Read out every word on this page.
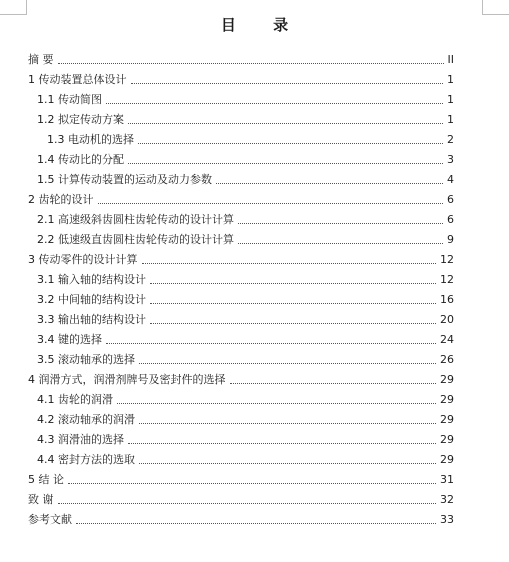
目 录
摘 要	II
1 传动装置总体设计	1
1.1 传动简图	1
1.2 拟定传动方案	1
1.3 电动机的选择	2
1.4 传动比的分配	3
1.5 计算传动装置的运动及动力参数	4
2 齿轮的设计	6
2.1 高速级斜齿圆柱齿轮传动的设计计算	6
2.2 低速级直齿圆柱齿轮传动的设计计算	9
3 传动零件的设计计算	12
3.1 输入轴的结构设计	12
3.2 中间轴的结构设计	16
3.3 输出轴的结构设计	20
3.4 键的选择	24
3.5 滚动轴承的选择	26
4 润滑方式，润滑剂牌号及密封件的选择	29
4.1 齿轮的润滑	29
4.2 滚动轴承的润滑	29
4.3 润滑油的选择	29
4.4 密封方法的选取	29
5 结 论	31
致 谢	32
参考文献	33
